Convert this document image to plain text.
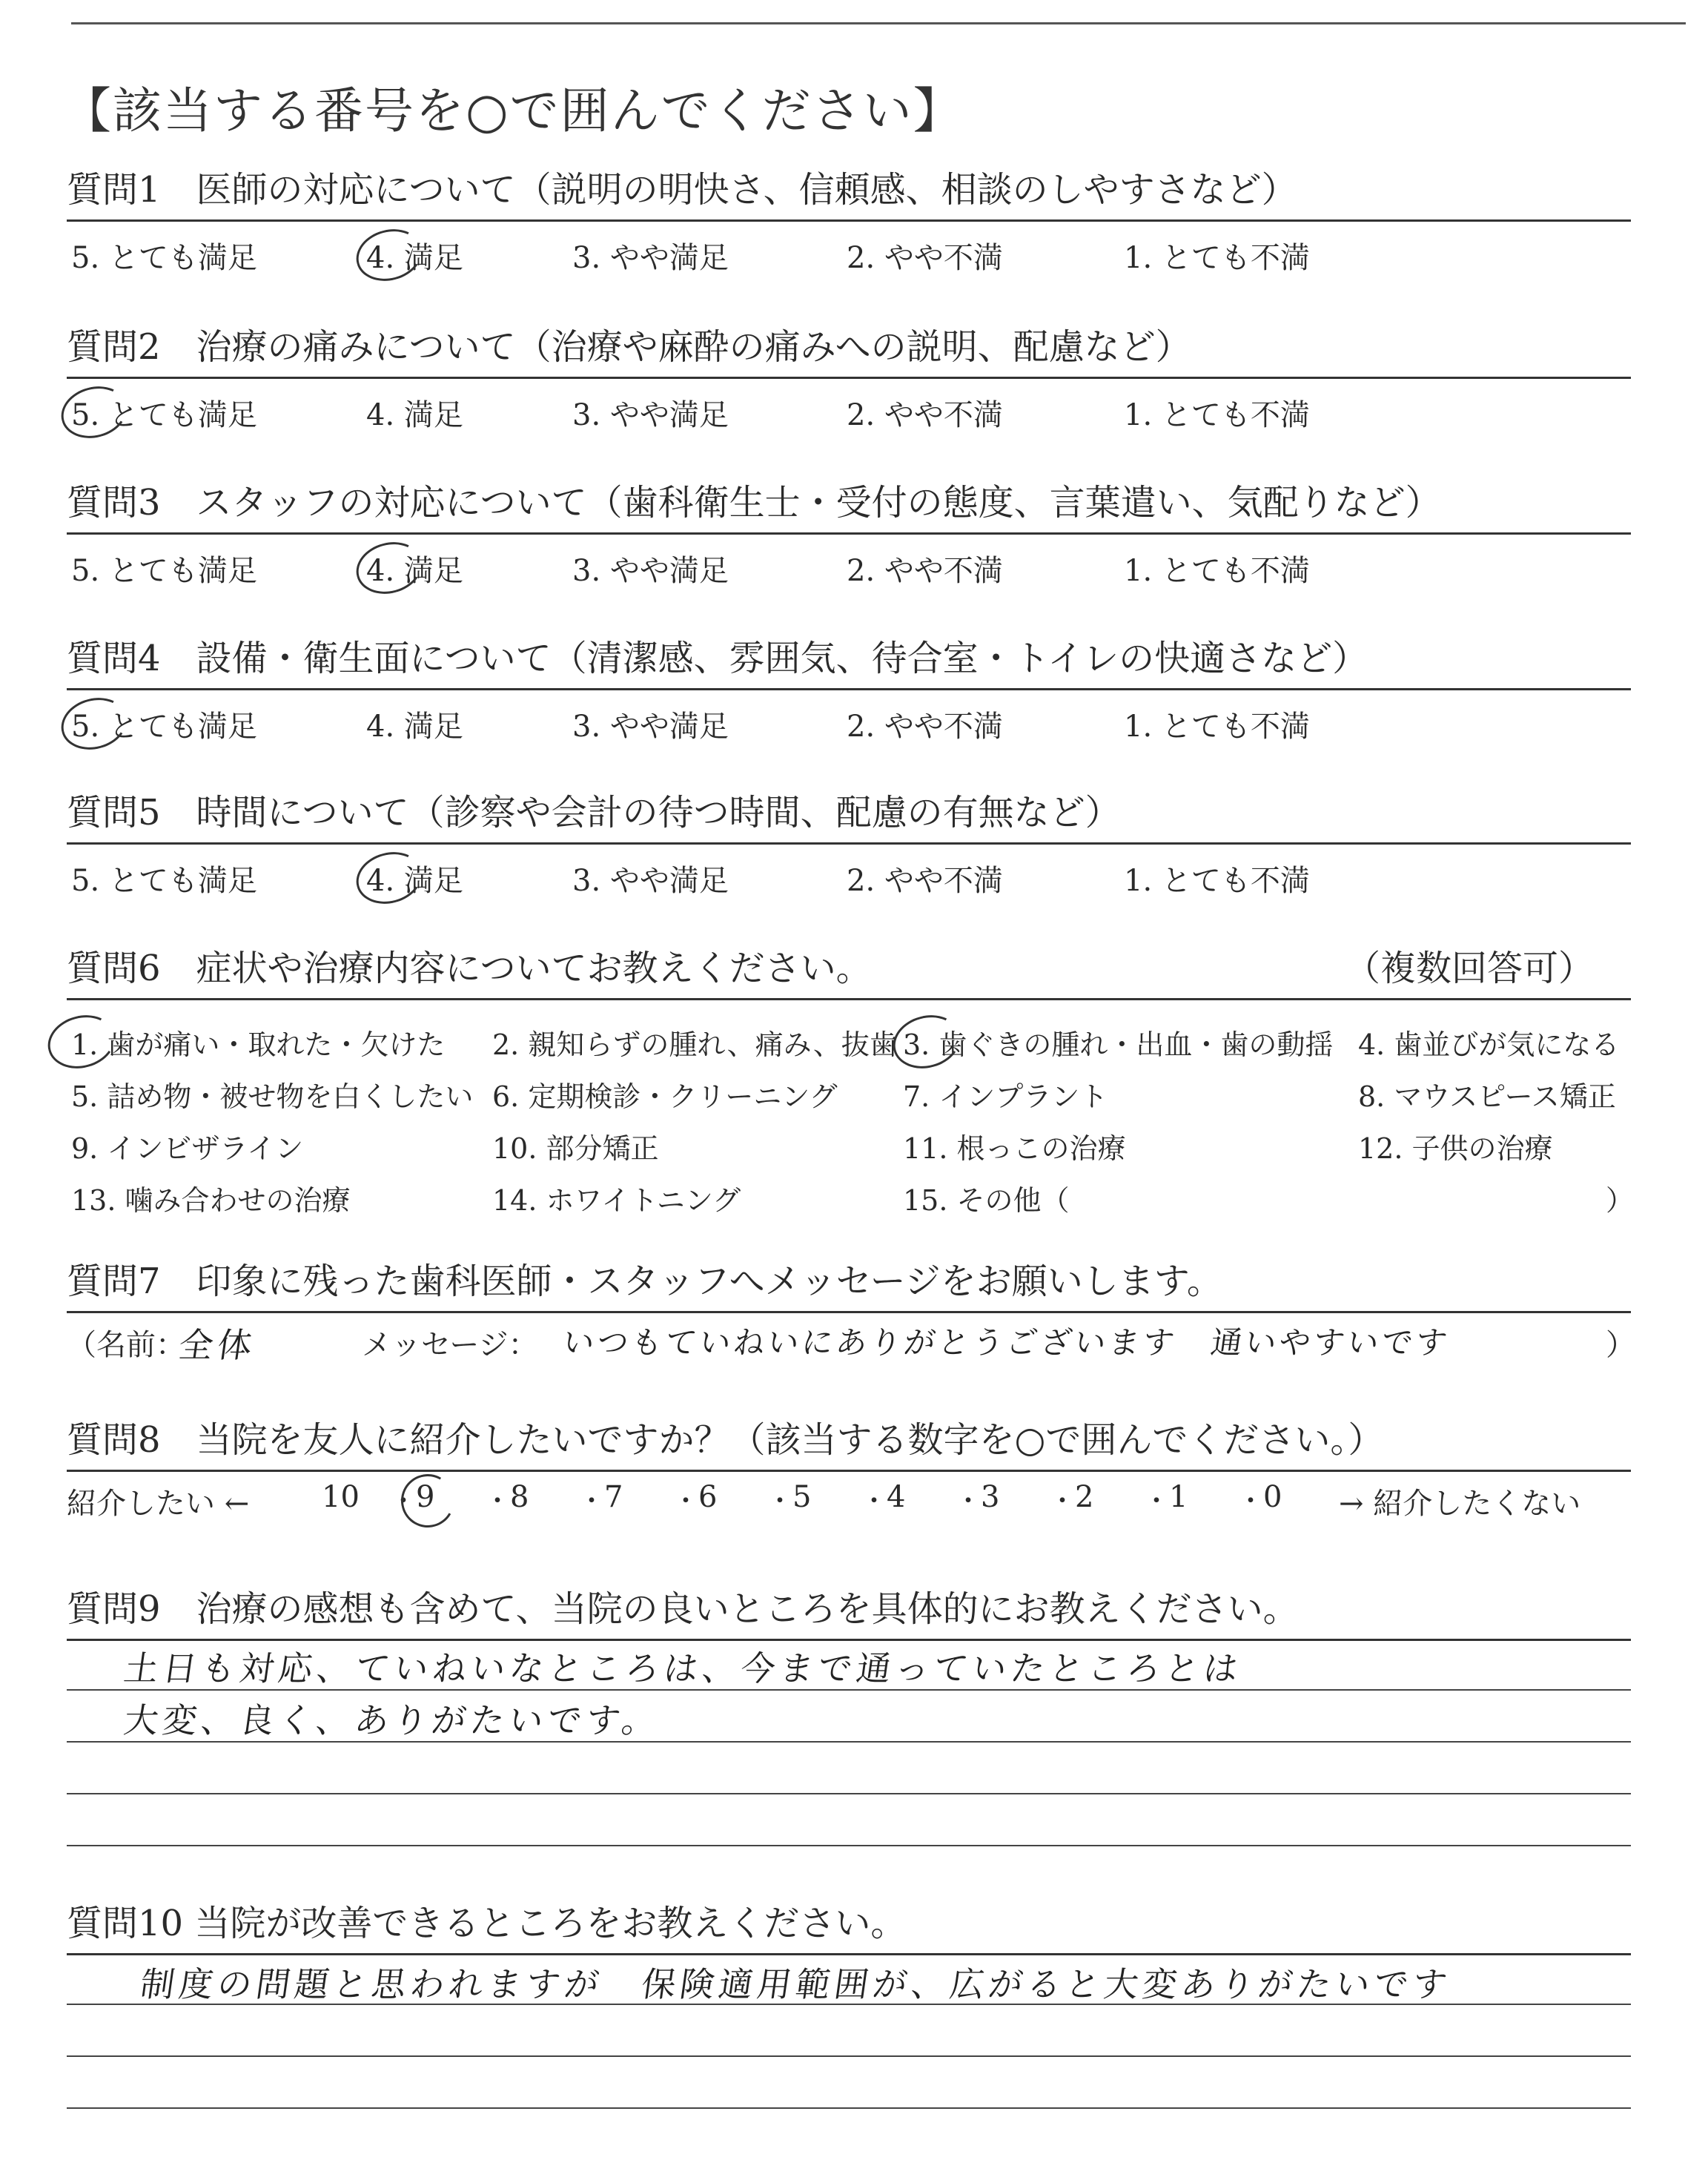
【該当する番号を○で囲んでください】
質問1　医師の対応について（説明の明快さ、信頼感、相談のしやすさなど）
5. とても満足	4. 満足	3. やや満足	2. やや不満	1. とても不満
質問2　治療の痛みについて（治療や麻酔の痛みへの説明、配慮など）
5. とても満足	4. 満足	3. やや満足	2. やや不満	1. とても不満
質問3　スタッフの対応について（歯科衛生士・受付の態度、言葉遣い、気配りなど）
5. とても満足	4. 満足	3. やや満足	2. やや不満	1. とても不満
質問4　設備・衛生面について（清潔感、雰囲気、待合室・トイレの快適さなど）
5. とても満足	4. 満足	3. やや満足	2. やや不満	1. とても不満
質問5　時間について（診察や会計の待つ時間、配慮の有無など）
5. とても満足	4. 満足	3. やや満足	2. やや不満	1. とても不満
質問6　症状や治療内容についてお教えください。	（複数回答可）
1. 歯が痛い・取れた・欠けた 2. 親知らずの腫れ、痛み、抜歯 3. 歯ぐきの腫れ・出血・歯の動揺 4. 歯並びが気になる
5. 詰め物・被せ物を白くしたい 6. 定期検診・クリーニング 7. インプラント	8. マウスピース矯正
9. インビザライン	10. 部分矯正	11. 根っこの治療	12. 子供の治療
13. 噛み合わせの治療	14. ホワイトニング	15. その他（	）
質問7　印象に残った歯科医師・スタッフへメッセージをお願いします。
（名前：
全体	メッセージ： いつもていねいにありがとうございます　通いやすいです	）
質問8　当院を友人に紹介したいですか？（該当する数字を○で囲んでください。）
紹介したい ← 10 ・
9 ・
8 ・
7 ・
6 ・
5 ・
4 ・
3 ・
2 ・
1 ・
0 → 紹介したくない
質問9　治療の感想も含めて、当院の良いところを具体的にお教えください。
土日も対応、ていねいなところは、今まで通っていたところとは
大変、良く、ありがたいです。
質問10 当院が改善できるところをお教えください。
制度の問題と思われますが　保険適用範囲が、広がると大変ありがたいです
